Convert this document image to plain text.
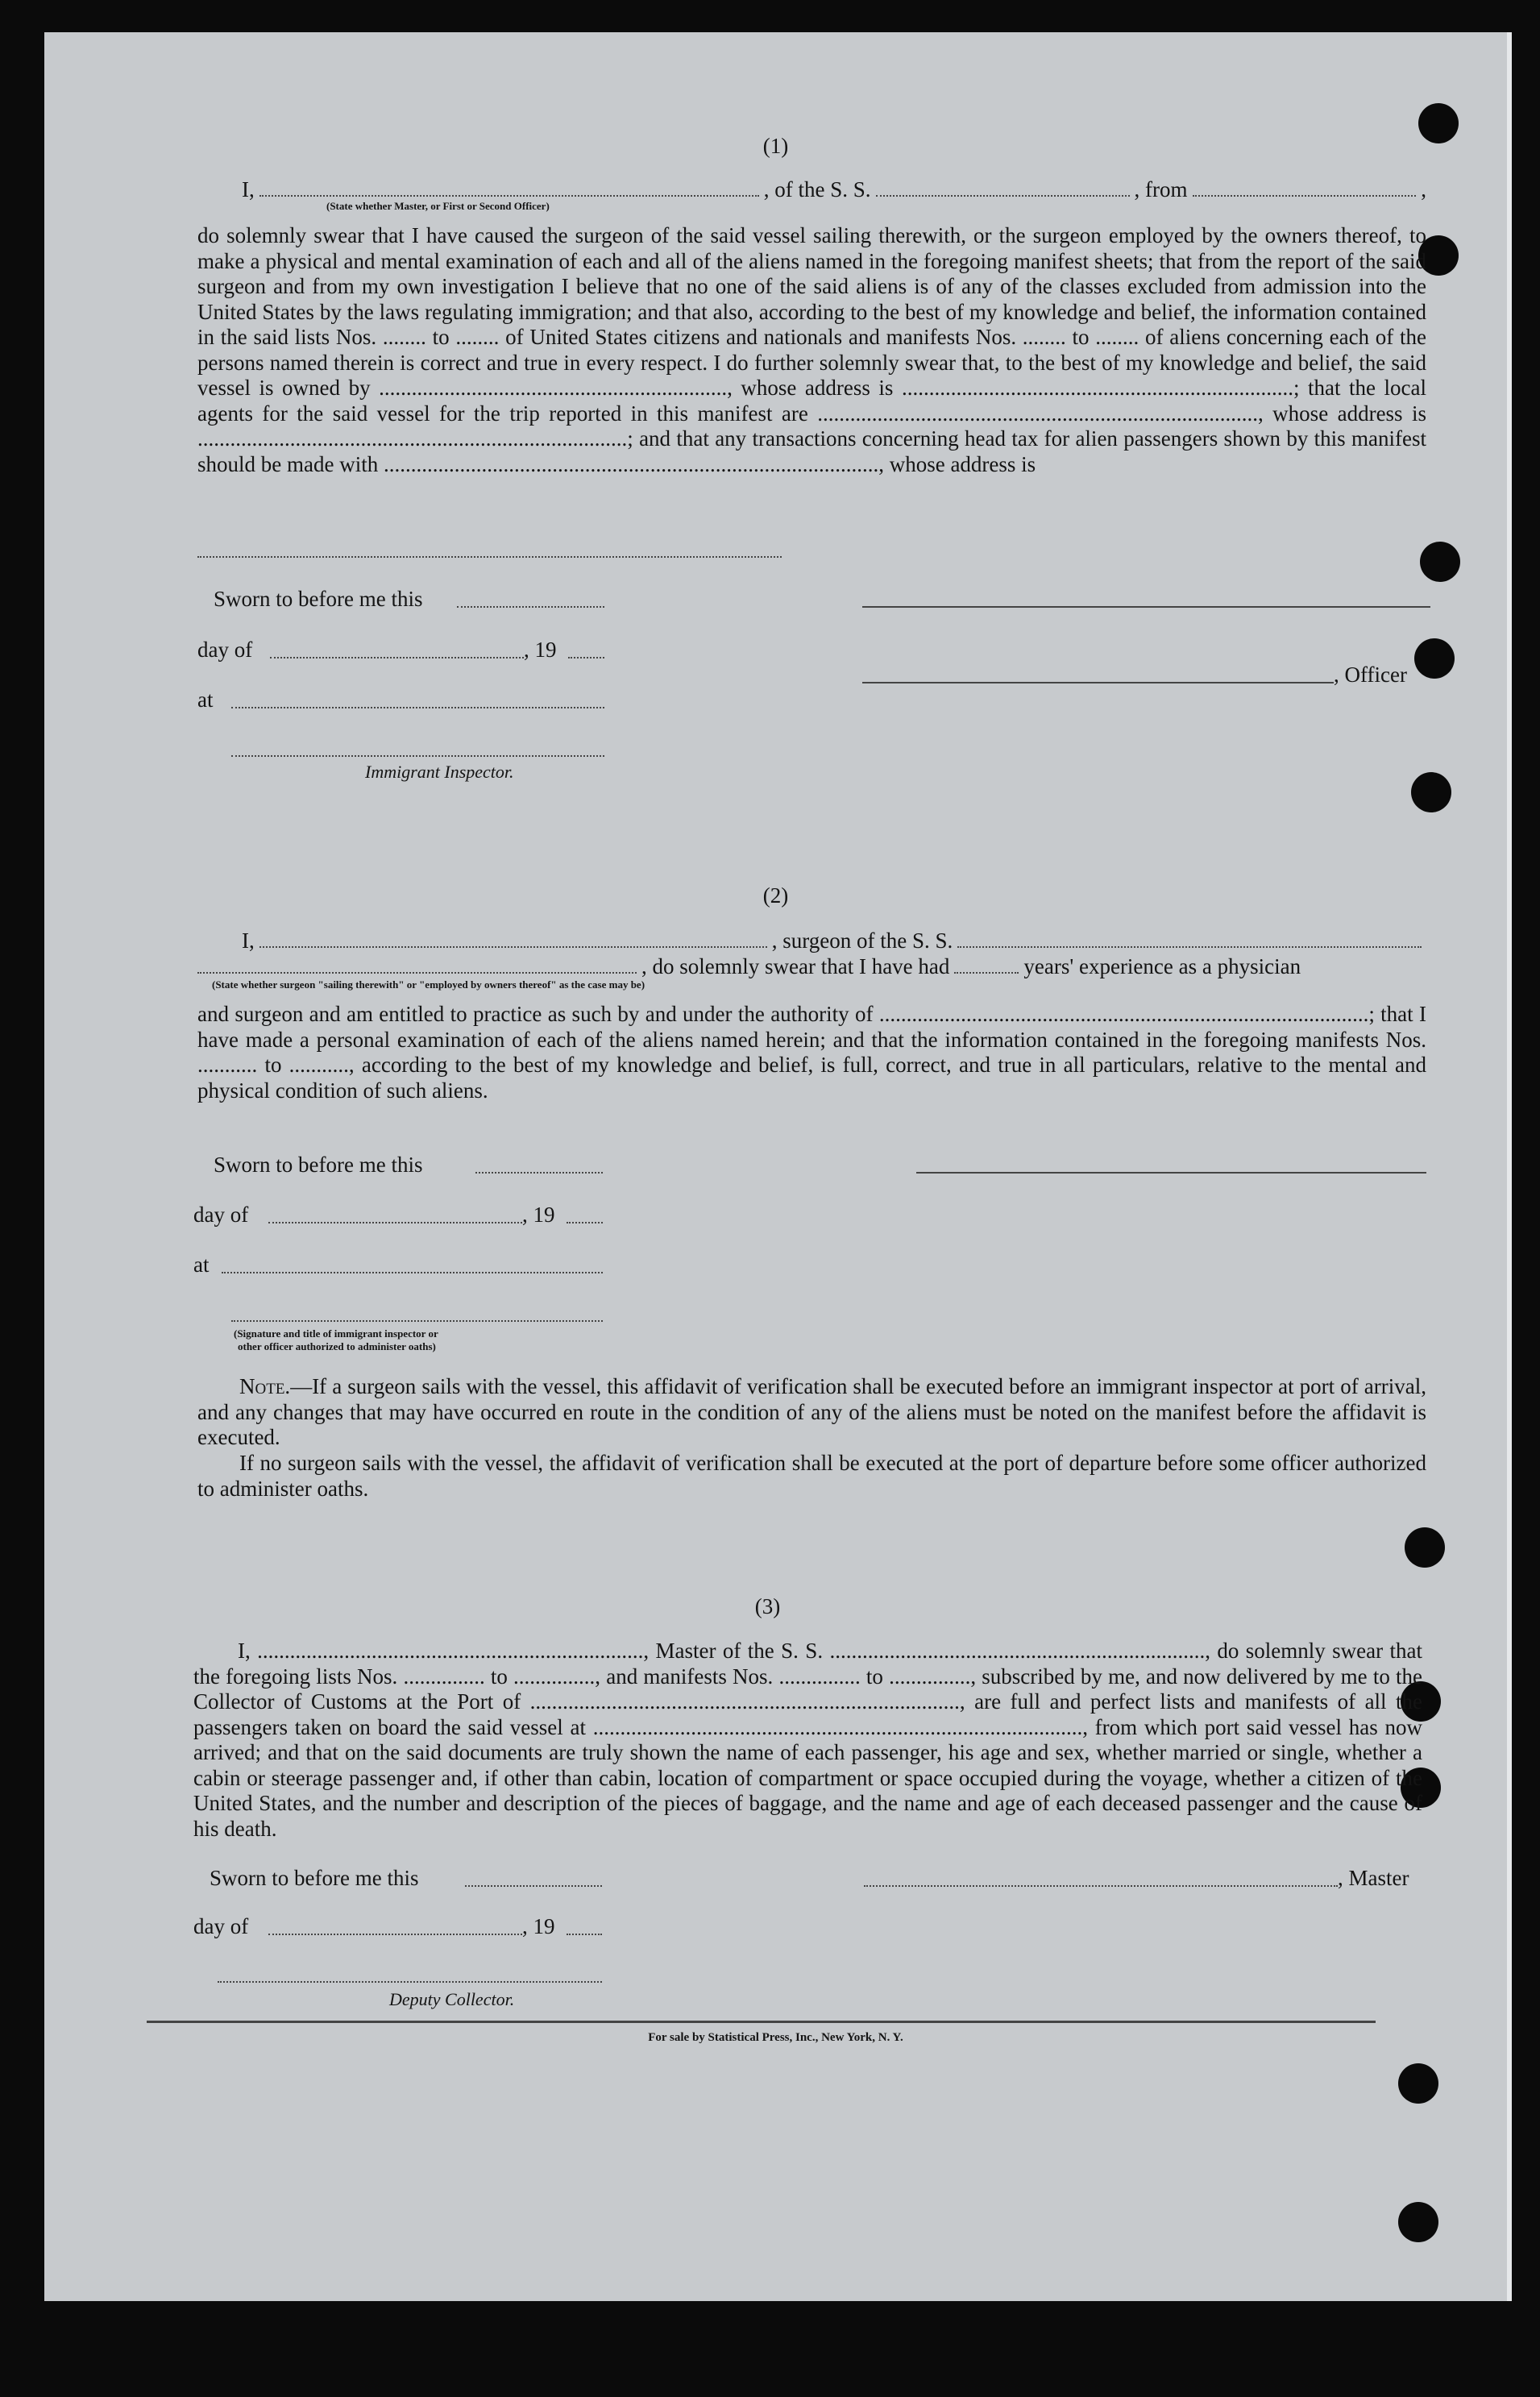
(1)
I,	, of the S. S.	, from	,
(State whether Master, or First or Second Officer)
do solemnly swear that I have caused the surgeon of the said vessel sailing therewith, or the surgeon employed by the owners thereof, to make a physical and mental examination of each and all of the aliens named in the foregoing manifest sheets; that from the report of the said surgeon and from my own investigation I believe that no one of the said aliens is of any of the classes excluded from admission into the United States by the laws regulating immigration; and that also, according to the best of my knowledge and belief, the information contained in the said lists Nos. ........ to ........ of United States citizens and nationals and manifests Nos. ........ to ........ of aliens concerning each of the persons named therein is correct and true in every respect. I do further solemnly swear that, to the best of my knowledge and belief, the said vessel is owned by ................................................................, whose address is ........................................................................; that the local agents for the said vessel for the trip reported in this manifest are ................................................................................., whose address is ...............................................................................; and that any transactions concerning head tax for alien passengers shown by this manifest should be made with ..........................................................................................., whose address is
Sworn to before me this
day of	, 19
, Officer
at
Immigrant Inspector.
(2)
I,	, surgeon of the S. S.
, do solemnly swear that I have had	years' experience as a physician
(State whether surgeon "sailing therewith" or "employed by owners thereof" as the case may be)
and surgeon and am entitled to practice as such by and under the authority of ..........................................................................................; that I have made a personal examination of each of the aliens named herein; and that the information contained in the foregoing manifests Nos. ........... to ..........., according to the best of my knowledge and belief, is full, correct, and true in all particulars, relative to the mental and physical condition of such aliens.
Sworn to before me this
day of	, 19
at
(Signature and title of immigrant inspector or
other officer authorized to administer oaths)
Note.—If a surgeon sails with the vessel, this affidavit of verification shall be executed before an immigrant inspector at port of arrival, and any changes that may have occurred en route in the condition of any of the aliens must be noted on the manifest before the affidavit is executed.
If no surgeon sails with the vessel, the affidavit of verification shall be executed at the port of departure before some officer authorized to administer oaths.
(3)
I, ......................................................................., Master of the S. S. ....................................................................., do solemnly swear that the foregoing lists Nos. ............... to ..............., and manifests Nos. ............... to ..............., subscribed by me, and now delivered by me to the Collector of Customs at the Port of ..............................................................................., are full and perfect lists and manifests of all the passengers taken on board the said vessel at .........................................................................................., from which port said vessel has now arrived; and that on the said documents are truly shown the name of each passenger, his age and sex, whether married or single, whether a cabin or steerage passenger and, if other than cabin, location of compartment or space occupied during the voyage, whether a citizen of the United States, and the number and description of the pieces of baggage, and the name and age of each deceased passenger and the cause of his death.
Sworn to before me this	, Master
day of	, 19
Deputy Collector.
For sale by Statistical Press, Inc., New York, N. Y.
